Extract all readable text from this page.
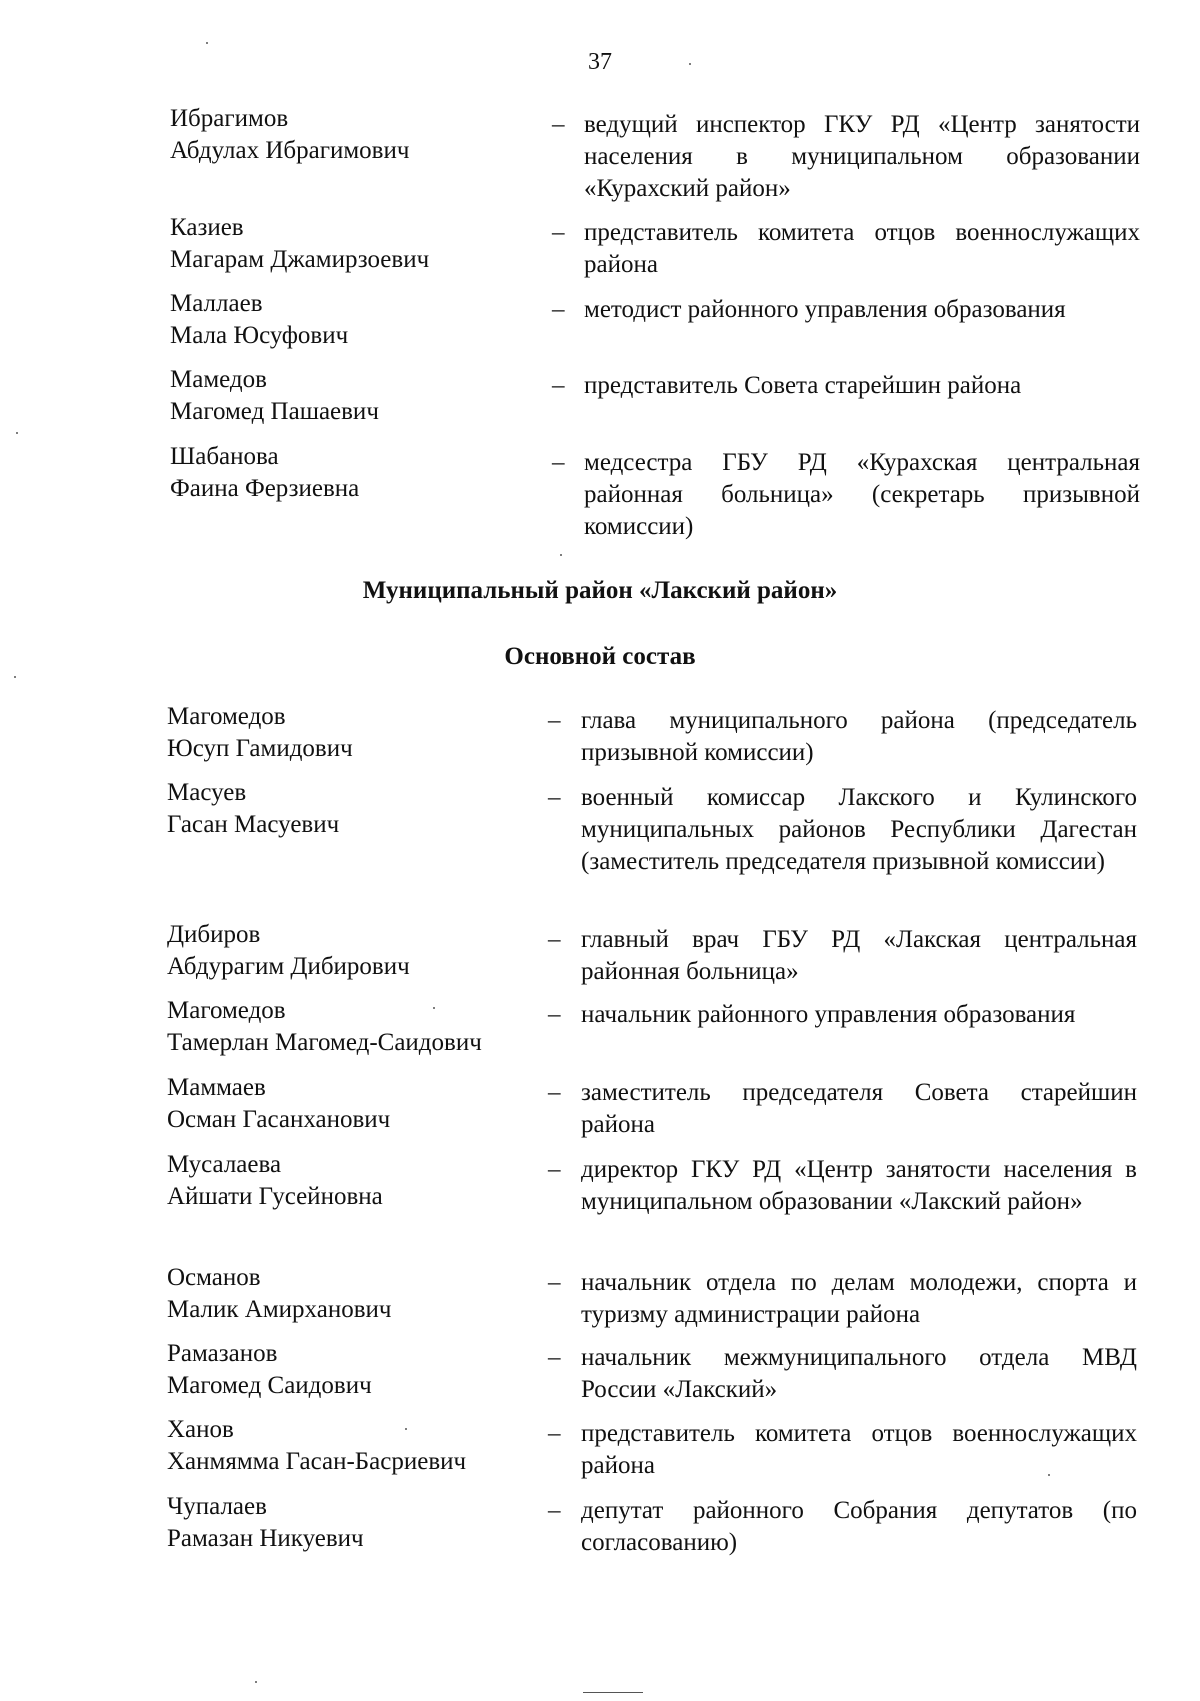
37
Ибрагимов
Абдулах Ибрагимович
– ведущий инспектор ГКУ РД «Центр занятости населения в муниципальном образовании «Курахский район»
Казиев
Магарам Джамирзоевич
– представитель комитета отцов военнослужащих района
Маллаев
Мала Юсуфович
– методист районного управления образования
Мамедов
Магомед Пашаевич
– представитель Совета старейшин района
Шабанова
Фаина Ферзиевна
– медсестра ГБУ РД «Курахская центральная районная больница» (секретарь призывной комиссии)
Муниципальный район «Лакский район»
Основной состав
Магомедов
Юсуп Гамидович
– глава муниципального района (председатель призывной комиссии)
Масуев
Гасан Масуевич
– военный комиссар Лакского и Кулинского муниципальных районов Республики Дагестан (заместитель председателя призывной комиссии)
Дибиров
Абдурагим Дибирович
– главный врач ГБУ РД «Лакская центральная районная больница»
Магомедов
Тамерлан Магомед-Саидович
– начальник районного управления образования
Маммаев
Осман Гасанханович
– заместитель председателя Совета старейшин района
Мусалаева
Айшати Гусейновна
– директор ГКУ РД «Центр занятости населения в муниципальном образовании «Лакский район»
Османов
Малик Амирханович
– начальник отдела по делам молодежи, спорта и туризму администрации района
Рамазанов
Магомед Саидович
– начальник межмуниципального отдела МВД России «Лакский»
Ханов
Ханмямма Гасан-Басриевич
– представитель комитета отцов военнослужащих района
Чупалаев
Рамазан Никуевич
– депутат районного Собрания депутатов (по согласованию)
